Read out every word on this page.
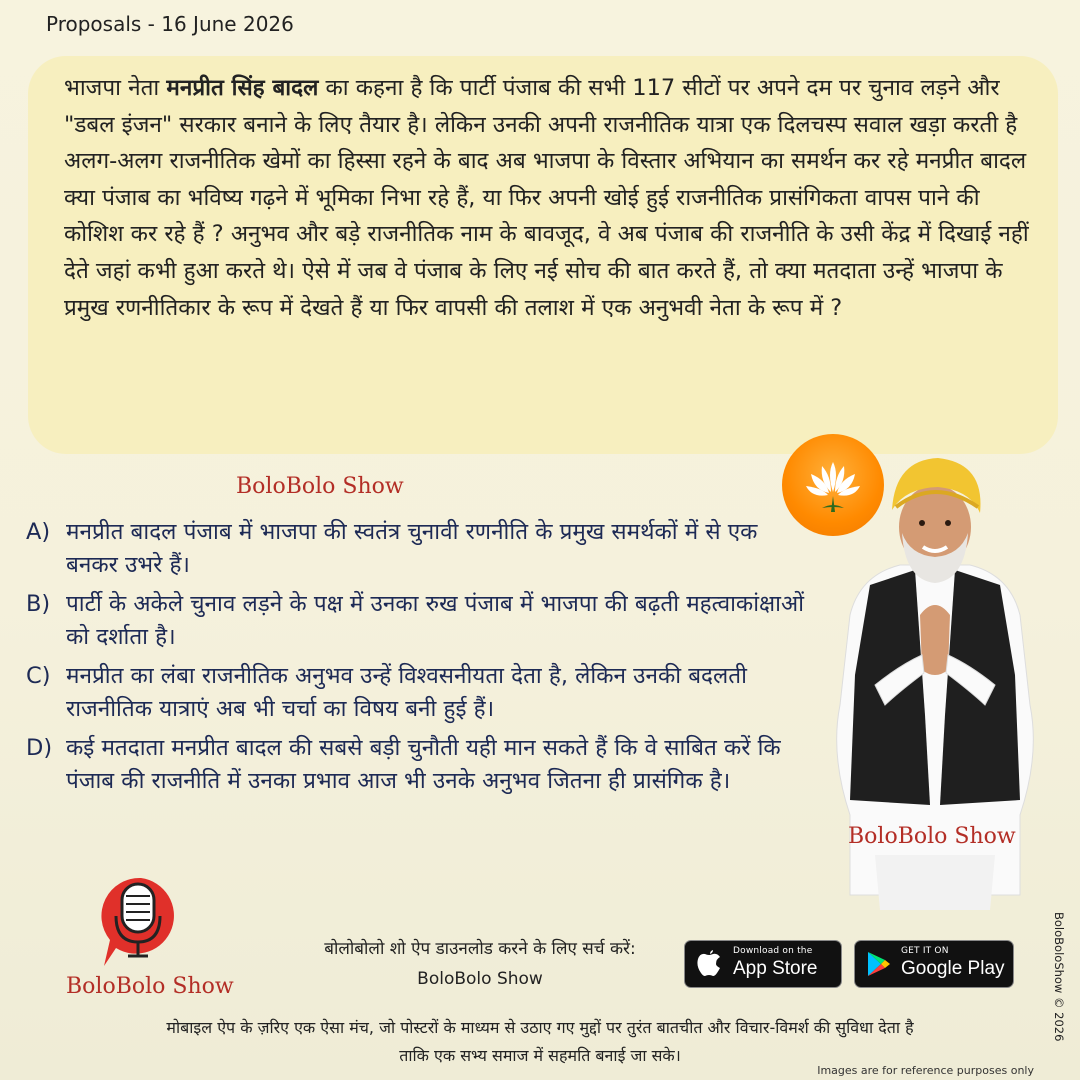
Proposals - 16 June 2026
भाजपा नेता मनप्रीत सिंह बादल का कहना है कि पार्टी पंजाब की सभी 117 सीटों पर अपने दम पर चुनाव लड़ने और "डबल इंजन" सरकार बनाने के लिए तैयार है। लेकिन उनकी अपनी राजनीतिक यात्रा एक दिलचस्प सवाल खड़ा करती है अलग-अलग राजनीतिक खेमों का हिस्सा रहने के बाद अब भाजपा के विस्तार अभियान का समर्थन कर रहे मनप्रीत बादल क्या पंजाब का भविष्य गढ़ने में भूमिका निभा रहे हैं, या फिर अपनी खोई हुई राजनीतिक प्रासंगिकता वापस पाने की कोशिश कर रहे हैं ? अनुभव और बड़े राजनीतिक नाम के बावजूद, वे अब पंजाब की राजनीति के उसी केंद्र में दिखाई नहीं देते जहां कभी हुआ करते थे। ऐसे में जब वे पंजाब के लिए नई सोच की बात करते हैं, तो क्या मतदाता उन्हें भाजपा के प्रमुख रणनीतिकार के रूप में देखते हैं या फिर वापसी की तलाश में एक अनुभवी नेता के रूप में ?
BoloBolo Show
A) मनप्रीत बादल पंजाब में भाजपा की स्वतंत्र चुनावी रणनीति के प्रमुख समर्थकों में से एक बनकर उभरे हैं।
B) पार्टी के अकेले चुनाव लड़ने के पक्ष में उनका रुख पंजाब में भाजपा की बढ़ती महत्वाकांक्षाओं को दर्शाता है।
C) मनप्रीत का लंबा राजनीतिक अनुभव उन्हें विश्वसनीयता देता है, लेकिन उनकी बदलती राजनीतिक यात्राएं अब भी चर्चा का विषय बनी हुई हैं।
D) कई मतदाता मनप्रीत बादल की सबसे बड़ी चुनौती यही मान सकते हैं कि वे साबित करें कि पंजाब की राजनीति में उनका प्रभाव आज भी उनके अनुभव जितना ही प्रासंगिक है।
BoloBolo Show
BoloBolo Show
बोलोबोलो शो ऐप डाउनलोड करने के लिए सर्च करें:
BoloBolo Show
Download on the
App Store
GET IT ON
Google Play
मोबाइल ऐप के ज़रिए एक ऐसा मंच, जो पोस्टरों के माध्यम से उठाए गए मुद्दों पर तुरंत बातचीत और विचार-विमर्श की सुविधा देता है
ताकि एक सभ्य समाज में सहमति बनाई जा सके।
BoloBoloShow © 2026
Images are for reference purposes only
